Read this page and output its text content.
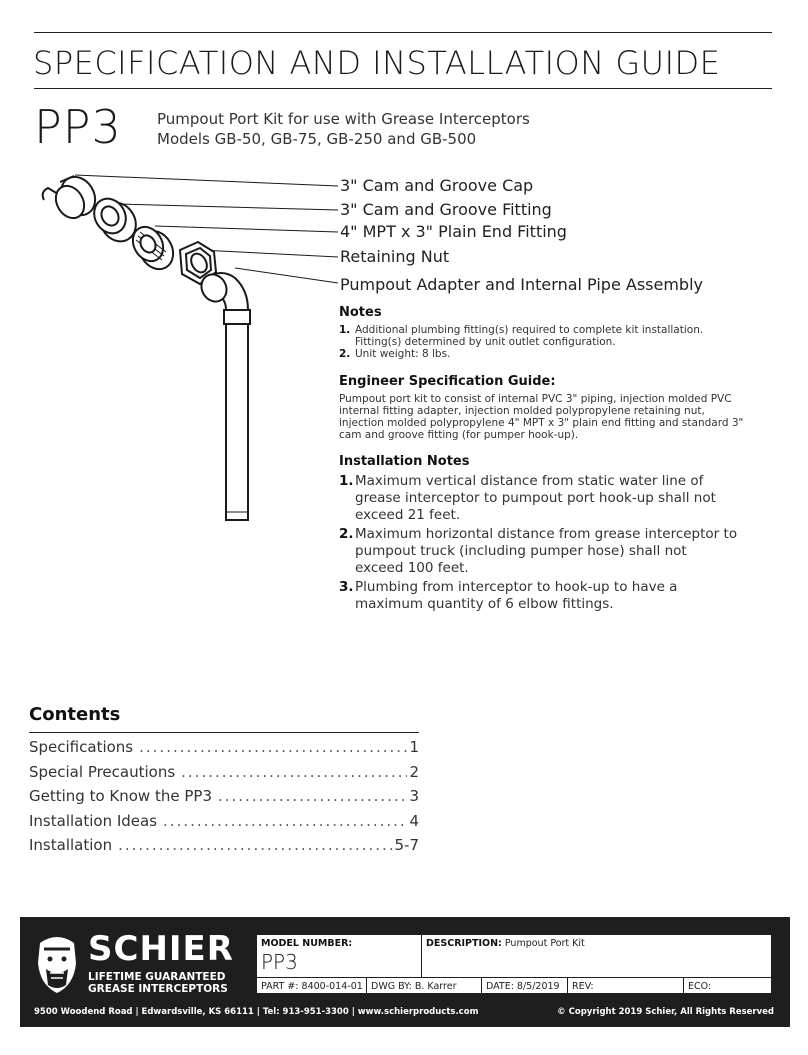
SPECIFICATION AND INSTALLATION GUIDE
PP3 Pumpout Port Kit for use with Grease Interceptors
Models GB-50, GB-75, GB-250 and GB-500
3" Cam and Groove Cap
3" Cam and Groove Fitting
4" MPT x 3" Plain End Fitting
Retaining Nut
Pumpout Adapter and Internal Pipe Assembly
Notes
1. Additional plumbing fitting(s) required to complete kit installation. Fitting(s) determined by unit outlet configuration.
2. Unit weight: 8 lbs.
Engineer Specification Guide:
Pumpout port kit to consist of internal PVC 3" piping, injection molded PVC internal fitting adapter, injection molded polypropylene retaining nut, injection molded polypropylene 4" MPT x 3" plain end fitting and standard 3" cam and groove fitting (for pumper hook-up).
Installation Notes
1. Maximum vertical distance from static water line of grease interceptor to pumpout port hook-up shall not exceed 21 feet.
2. Maximum horizontal distance from grease interceptor to pumpout truck (including pumper hose) shall not exceed 100 feet.
3. Plumbing from interceptor to hook-up to have a maximum quantity of 6 elbow fittings.
Contents
Specifications .....	1
Special Precautions .....	2
Getting to Know the PP3 .....	3
Installation Ideas .....	4
Installation .....	5-7
SCHIER
LIFETIME GUARANTEED
GREASE INTERCEPTORS
MODEL NUMBER:
PP3
DESCRIPTION: Pumpout Port Kit
PART #: 8400-014-01 DWG BY: B. Karrer	DATE: 8/5/2019	REV:	ECO:
9500 Woodend Road | Edwardsville, KS 66111 | Tel: 913-951-3300 | www.schierproducts.com	© Copyright 2019 Schier, All Rights Reserved
